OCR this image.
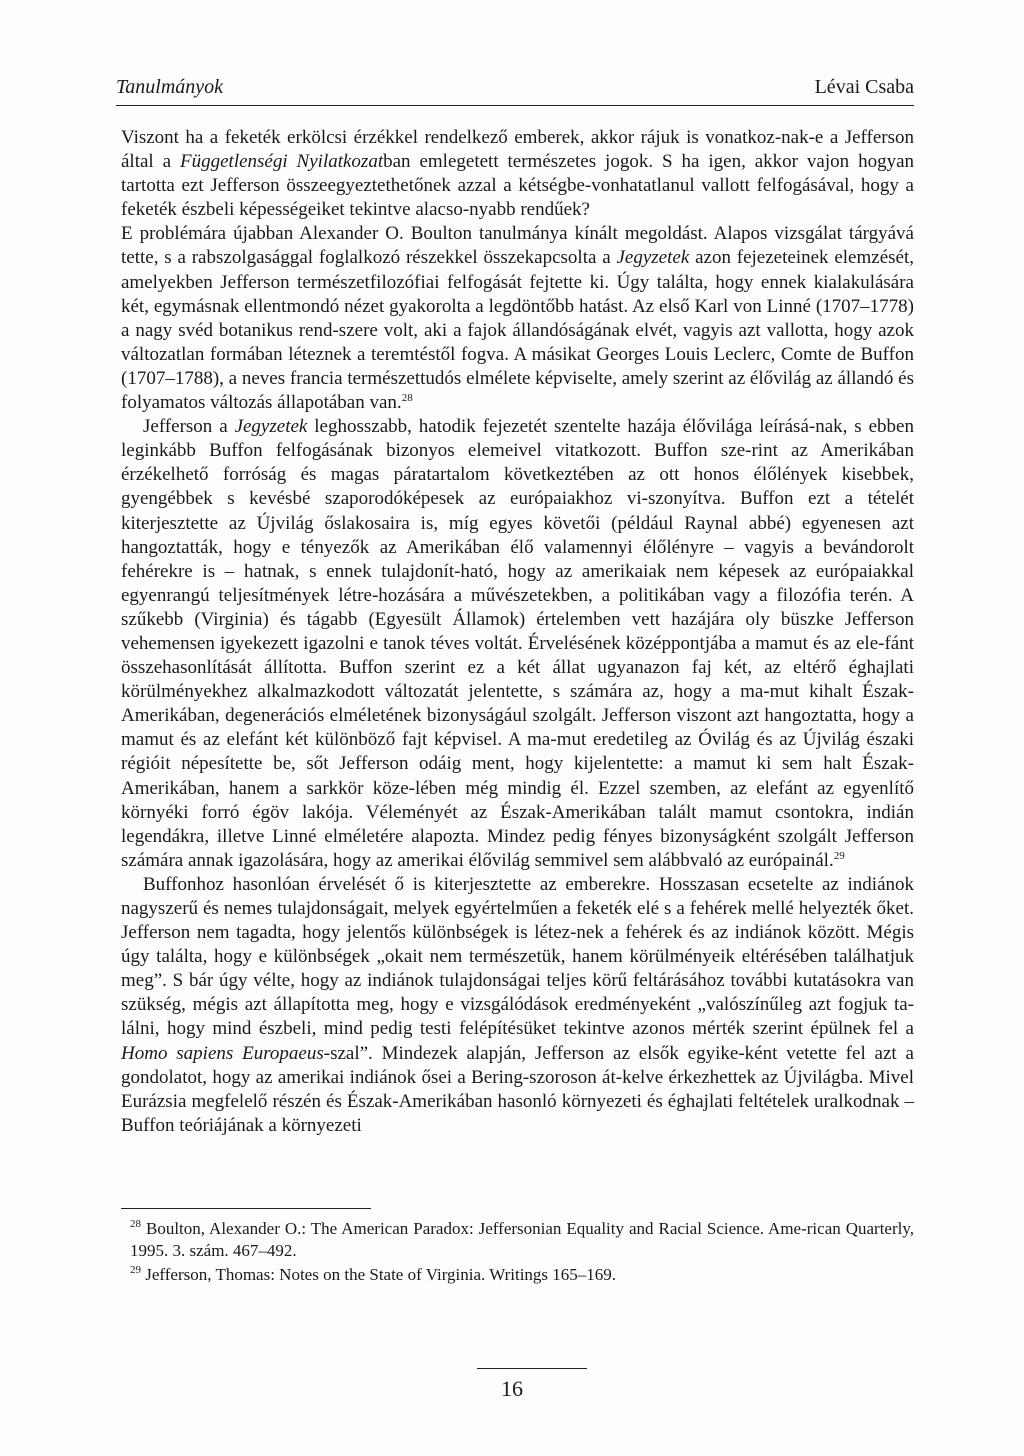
Tanulmányok	Lévai Csaba

Viszont ha a feketék erkölcsi érzékkel rendelkező emberek, akkor rájuk is vonatkoz-nak-e a Jefferson által a Függetlenségi Nyilatkozatban emlegetett természetes jogok. S ha igen, akkor vajon hogyan tartotta ezt Jefferson összeegyeztethetőnek azzal a kétségbe-vonhatatlanul vallott felfogásával, hogy a feketék észbeli képességeiket tekintve alacso-nyabb rendűek?

E problémára újabban Alexander O. Boulton tanulmánya kínált megoldást. Alapos vizsgálat tárgyává tette, s a rabszolgasággal foglalkozó részekkel összekapcsolta a Jegyzetek azon fejezeteinek elemzését, amelyekben Jefferson természetfilozófiai felfogását fejtette ki. Úgy találta, hogy ennek kialakulására két, egymásnak ellentmondó nézet gyakorolta a legdöntőbb hatást. Az első Karl von Linné (1707–1778) a nagy svéd botanikus rend-szere volt, aki a fajok állandóságának elvét, vagyis azt vallotta, hogy azok változatlan formában léteznek a teremtéstől fogva. A másikat Georges Louis Leclerc, Comte de Buffon (1707–1788), a neves francia természettudós elmélete képviselte, amely szerint az élővilág az állandó és folyamatos változás állapotában van.$^{28}$

Jefferson a Jegyzetek leghosszabb, hatodik fejezetét szentelte hazája élővilága leírásá-nak, s ebben leginkább Buffon felfogásának bizonyos elemeivel vitatkozott. Buffon sze-rint az Amerikában érzékelhető forróság és magas páratartalom következtében az ott honos élőlények kisebbek, gyengébbek s kevésbé szaporodóképesek az európaiakhoz vi-szonyítva. Buffon ezt a tételét kiterjesztette az Újvilág őslakosaira is, míg egyes követői (például Raynal abbé) egyenesen azt hangoztatták, hogy e tényezők az Amerikában élő valamennyi élőlényre – vagyis a bevándorolt fehérekre is – hatnak, s ennek tulajdonít-ható, hogy az amerikaiak nem képesek az európaiakkal egyenrangú teljesítmények létre-hozására a művészetekben, a politikában vagy a filozófia terén. A szűkebb (Virginia) és tágabb (Egyesült Államok) értelemben vett hazájára oly büszke Jefferson vehemensen igyekezett igazolni e tanok téves voltát. Érvelésének középpontjába a mamut és az ele-fánt összehasonlítását állította. Buffon szerint ez a két állat ugyanazon faj két, az eltérő éghajlati körülményekhez alkalmazkodott változatát jelentette, s számára az, hogy a ma-mut kihalt Észak-Amerikában, degenerációs elméletének bizonyságául szolgált. Jefferson viszont azt hangoztatta, hogy a mamut és az elefánt két különböző fajt képvisel. A ma-mut eredetileg az Óvilág és az Újvilág északi régióit népesítette be, sőt Jefferson odáig ment, hogy kijelentette: a mamut ki sem halt Észak-Amerikában, hanem a sarkkör köze-lében még mindig él. Ezzel szemben, az elefánt az egyenlítő környéki forró égöv lakója. Véleményét az Észak-Amerikában talált mamut csontokra, indián legendákra, illetve Linné elméletére alapozta. Mindez pedig fényes bizonyságként szolgált Jefferson számára annak igazolására, hogy az amerikai élővilág semmivel sem alábbvaló az európainál.$^{29}$

Buffonhoz hasonlóan érvelését ő is kiterjesztette az emberekre. Hosszasan ecsetelte az indiánok nagyszerű és nemes tulajdonságait, melyek egyértelműen a feketék elé s a fehérek mellé helyezték őket. Jefferson nem tagadta, hogy jelentős különbségek is létez-nek a fehérek és az indiánok között. Mégis úgy találta, hogy e különbségek „okait nem természetük, hanem körülményeik eltérésében találhatjuk meg”. S bár úgy vélte, hogy az indiánok tulajdonságai teljes körű feltárásához további kutatásokra van szükség, mégis azt állapította meg, hogy e vizsgálódások eredményeként „valószínűleg azt fogjuk ta-lálni, hogy mind észbeli, mind pedig testi felépítésüket tekintve azonos mérték szerint épülnek fel a Homo sapiens Europaeus-szal”. Mindezek alapján, Jefferson az elsők egyike-ként vetette fel azt a gondolatot, hogy az amerikai indiánok ősei a Bering-szoroson át-kelve érkezhettek az Újvilágba. Mivel Eurázsia megfelelő részén és Észak-Amerikában hasonló környezeti és éghajlati feltételek uralkodnak – Buffon teóriájának a környezeti

$^{28}$ Boulton, Alexander O.: The American Paradox: Jeffersonian Equality and Racial Science. Ame-rican Quarterly, 1995. 3. szám. 467–492.

$^{29}$ Jefferson, Thomas: Notes on the State of Virginia. Writings 165–169.

16
